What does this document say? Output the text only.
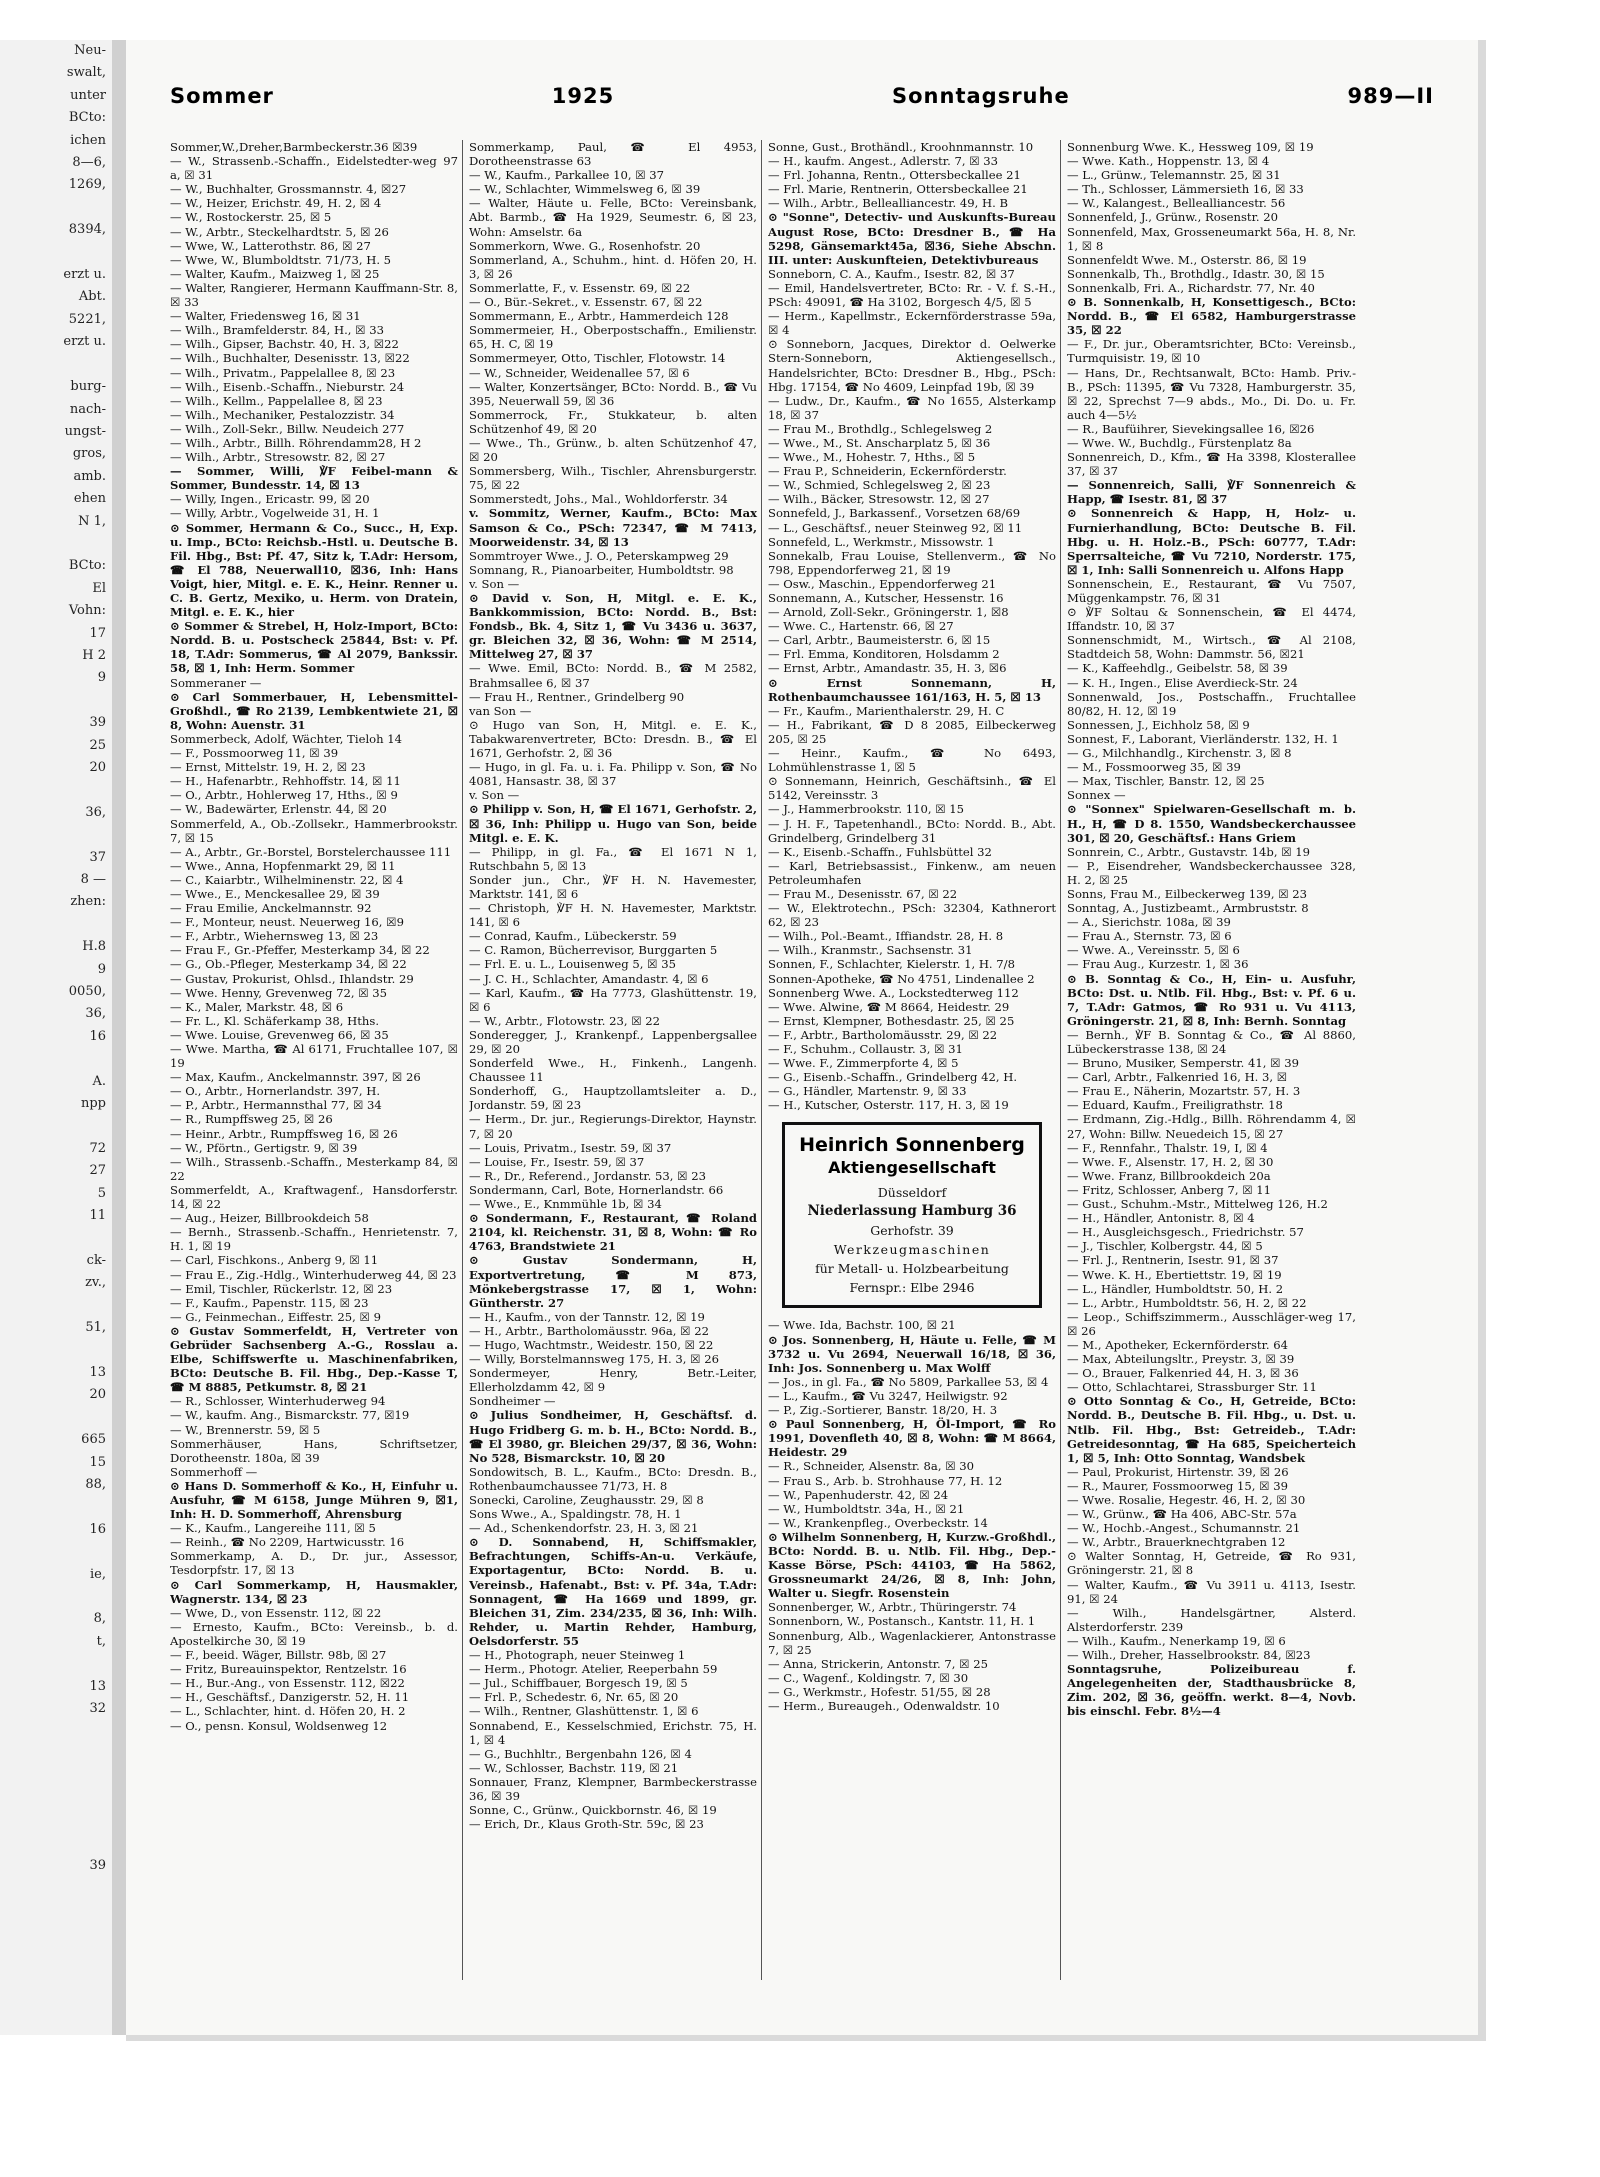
Neu-
swalt,
unter
BCto:
ichen
8—6,
1269,

8394,

erzt u.
Abt.
5221,
erzt u.

burg-
nach-
ungst-
gros,
amb.
ehen
N 1,

BCto:
El
Vohn:
17
H 2
9

39
25
20

36,

37
8 —
zhen:

H.8
9
0050,
36,
16

A.
npp

72
27
5
11

ck-
zv.,

51,

13
20

665
15
88,

16

ie,

8,
t,

13
32

39
Sommer	1925	Sonntagsruhe	989—II

Sommer,W.,Dreher,Barmbeckerstr.36 ☒39

— W., Strassenb.-Schaffn., Eidelstedter-weg 97 a, ☒ 31

— W., Buchhalter, Grossmannstr. 4, ☒27

— W., Heizer, Erichstr. 49, H. 2, ☒ 4

— W., Rostockerstr. 25, ☒ 5

— W., Arbtr., Steckelhardtstr. 5, ☒ 26

— Wwe, W., Latterothstr. 86, ☒ 27

— Wwe, W., Blumboldtstr. 71/73, H. 5

— Walter, Kaufm., Maizweg 1, ☒ 25

— Walter, Rangierer, Hermann Kauffmann-Str. 8, ☒ 33

— Walter, Friedensweg 16, ☒ 31

— Wilh., Bramfelderstr. 84, H., ☒ 33

— Wilh., Gipser, Bachstr. 40, H. 3, ☒22

— Wilh., Buchhalter, Desenisstr. 13, ☒22

— Wilh., Privatm., Pappelallee 8, ☒ 23

— Wilh., Eisenb.-Schaffn., Nieburstr. 24

— Wilh., Kellm., Pappelallee 8, ☒ 23

— Wilh., Mechaniker, Pestalozzistr. 34

— Wilh., Zoll-Sekr., Billw. Neudeich 277

— Wilh., Arbtr., Billh. Röhrendamm28, H 2

— Wilh., Arbtr., Stresowstr. 82, ☒ 27

— Sommer, Willi, ℣F Feibel-mann & Sommer, Bundesstr. 14, ☒ 13

— Willy, Ingen., Ericastr. 99, ☒ 20

— Willy, Arbtr., Vogelweide 31, H. 1

⊙ Sommer, Hermann & Co., Succ., H, Exp. u. Imp., BCto: Reichsb.-Hstl. u. Deutsche B. Fil. Hbg., Bst: Pf. 47, Sitz k, T.Adr: Hersom, ☎ El 788, Neuerwall10, ☒36, Inh: Hans Voigt, hier, Mitgl. e. E. K., Heinr. Renner u. C. B. Gertz, Mexiko, u. Herm. von Dratein, Mitgl. e. E. K., hier

⊙ Sommer & Strebel, H, Holz-Import, BCto: Nordd. B. u. Postscheck 25844, Bst: v. Pf. 18, T.Adr: Sommerus, ☎ Al 2079, Bankssir. 58, ☒ 1, Inh: Herm. Sommer

Sommeraner —

⊙ Carl Sommerbauer, H, Lebensmittel-Großhdl., ☎ Ro 2139, Lembkentwiete 21, ☒ 8, Wohn: Auenstr. 31

Sommerbeck, Adolf, Wächter, Tieloh 14

— F., Possmoorweg 11, ☒ 39

— Ernst, Mittelstr. 19, H. 2, ☒ 23

— H., Hafenarbtr., Rehhoffstr. 14, ☒ 11

— O., Arbtr., Hohlerweg 17, Hths., ☒ 9

— W., Badewärter, Erlenstr. 44, ☒ 20

Sommerfeld, A., Ob.-Zollsekr., Hammerbrookstr. 7, ☒ 15

— A., Arbtr., Gr.-Borstel, Borstelerchaussee 111

— Wwe., Anna, Hopfenmarkt 29, ☒ 11

— C., Kaiarbtr., Wilhelminenstr. 22, ☒ 4

— Wwe., E., Menckesallee 29, ☒ 39

— Frau Emilie, Anckelmannstr. 92

— F., Monteur, neust. Neuerweg 16, ☒9

— F., Arbtr., Wiehernsweg 13, ☒ 23

— Frau F., Gr.-Pfeffer, Mesterkamp 34, ☒ 22

— G., Ob.-Pfleger, Mesterkamp 34, ☒ 22

— Gustav, Prokurist, Ohlsd., Ihlandstr. 29

— Wwe. Henny, Grevenweg 72, ☒ 35

— K., Maler, Markstr. 48, ☒ 6

— Fr. L., Kl. Schäferkamp 38, Hths.

— Wwe. Louise, Grevenweg 66, ☒ 35

— Wwe. Martha, ☎ Al 6171, Fruchtallee 107, ☒ 19

— Max, Kaufm., Anckelmannstr. 397, ☒ 26

— O., Arbtr., Hornerlandstr. 397, H.

— P., Arbtr., Hermannsthal 77, ☒ 34

— R., Rumpffsweg 25, ☒ 26

— Heinr., Arbtr., Rumpffsweg 16, ☒ 26

— W., Pförtn., Gertigstr. 9, ☒ 39

— Wilh., Strassenb.-Schaffn., Mesterkamp 84, ☒ 22

Sommerfeldt, A., Kraftwagenf., Hansdorferstr. 14, ☒ 22

— Aug., Heizer, Billbrookdeich 58

— Bernh., Strassenb.-Schaffn., Henrietenstr. 7, H. 1, ☒ 19

— Carl, Fischkons., Anberg 9, ☒ 11

— Frau E., Zig.-Hdlg., Winterhuderweg 44, ☒ 23

— Emil, Tischler, Rückerlstr. 12, ☒ 23

— F., Kaufm., Papenstr. 115, ☒ 23

— G., Feinmechan., Eiffestr. 25, ☒ 9

⊙ Gustav Sommerfeldt, H, Vertreter von Gebrüder Sachsenberg A.-G., Rosslau a. Elbe, Schiffswerfte u. Maschinenfabriken, BCto: Deutsche B. Fil. Hbg., Dep.-Kasse T, ☎ M 8885, Petkumstr. 8, ☒ 21

— R., Schlosser, Winterhuderweg 94

— W., kaufm. Ang., Bismarckstr. 77, ☒19

— W., Brennerstr. 59, ☒ 5

Sommerhäuser, Hans, Schriftsetzer, Dorotheenstr. 180a, ☒ 39

Sommerhoff —

⊙ Hans D. Sommerhoff & Ko., H, Einfuhr u. Ausfuhr, ☎ M 6158, Junge Mühren 9, ☒1, Inh: H. D. Sommerhoff, Ahrensburg

— K., Kaufm., Langereihe 111, ☒ 5

— Reinh., ☎ No 2209, Hartwicusstr. 16

Sommerkamp, A. D., Dr. jur., Assessor, Tesdorpfstr. 17, ☒ 13

⊙ Carl Sommerkamp, H, Hausmakler, Wagnerstr. 134, ☒ 23

— Wwe, D., von Essenstr. 112, ☒ 22

— Ernesto, Kaufm., BCto: Vereinsb., b. d. Apostelkirche 30, ☒ 19

— F., beeid. Wäger, Billstr. 98b, ☒ 27

— Fritz, Bureauinspektor, Rentzelstr. 16

— H., Bur.-Ang., von Essenstr. 112, ☒22

— H., Geschäftsf., Danzigerstr. 52, H. 11

— L., Schlachter, hint. d. Höfen 20, H. 2

— O., pensn. Konsul, Woldsenweg 12

Sommerkamp, Paul, ☎ El 4953, Dorotheenstrasse 63

— W., Kaufm., Parkallee 10, ☒ 37

— W., Schlachter, Wimmelsweg 6, ☒ 39

— Walter, Häute u. Felle, BCto: Vereinsbank, Abt. Barmb., ☎ Ha 1929, Seumestr. 6, ☒ 23, Wohn: Amselstr. 6a

Sommerkorn, Wwe. G., Rosenhofstr. 20

Sommerland, A., Schuhm., hint. d. Höfen 20, H. 3, ☒ 26

Sommerlatte, F., v. Essenstr. 69, ☒ 22

— O., Bür.-Sekret., v. Essenstr. 67, ☒ 22

Sommermann, E., Arbtr., Hammerdeich 128

Sommermeier, H., Oberpostschaffn., Emilienstr. 65, H. C, ☒ 19

Sommermeyer, Otto, Tischler, Flotowstr. 14

— W., Schneider, Weidenallee 57, ☒ 6

— Walter, Konzertsänger, BCto: Nordd. B., ☎ Vu 395, Neuerwall 59, ☒ 36

Sommerrock, Fr., Stukkateur, b. alten Schützenhof 49, ☒ 20

— Wwe., Th., Grünw., b. alten Schützenhof 47, ☒ 20

Sommersberg, Wilh., Tischler, Ahrensburgerstr. 75, ☒ 22

Sommerstedt, Johs., Mal., Wohldorferstr. 34

v. Sommitz, Werner, Kaufm., BCto: Max Samson & Co., PSch: 72347, ☎ M 7413, Moorweidenstr. 34, ☒ 13

Sommtroyer Wwe., J. O., Peterskampweg 29

Somnang, R., Pianoarbeiter, Humboldtstr. 98

v. Son —

⊙ David v. Son, H, Mitgl. e. E. K., Bankkommission, BCto: Nordd. B., Bst: Fondsb., Bk. 4, Sitz 1, ☎ Vu 3436 u. 3637, gr. Bleichen 32, ☒ 36, Wohn: ☎ M 2514, Mittelweg 27, ☒ 37

— Wwe. Emil, BCto: Nordd. B., ☎ M 2582, Brahmsallee 6, ☒ 37

— Frau H., Rentner., Grindelberg 90

van Son —

⊙ Hugo van Son, H, Mitgl. e. E. K., Tabakwarenvertreter, BCto: Dresdn. B., ☎ El 1671, Gerhofstr. 2, ☒ 36

— Hugo, in gl. Fa. u. i. Fa. Philipp v. Son, ☎ No 4081, Hansastr. 38, ☒ 37

v. Son —

⊙ Philipp v. Son, H, ☎ El 1671, Gerhofstr. 2, ☒ 36, Inh: Philipp u. Hugo van Son, beide Mitgl. e. E. K.

— Philipp, in gl. Fa., ☎ El 1671 N 1, Rutschbahn 5, ☒ 13

Sonder jun., Chr., ℣F H. N. Havemester, Marktstr. 141, ☒ 6

— Christoph, ℣F H. N. Havemester, Marktstr. 141, ☒ 6

— Conrad, Kaufm., Lübeckerstr. 59

— C. Ramon, Bücherrevisor, Burggarten 5

— Frl. E. u. L., Louisenweg 5, ☒ 35

— J. C. H., Schlachter, Amandastr. 4, ☒ 6

— Karl, Kaufm., ☎ Ha 7773, Glashüttenstr. 19, ☒ 6

— W., Arbtr., Flotowstr. 23, ☒ 22

Sonderegger, J., Krankenpf., Lappenbergsallee 29, ☒ 20

Sonderfeld Wwe., H., Finkenh., Langenh. Chaussee 11

Sonderhoff, G., Hauptzollamtsleiter a. D., Jordanstr. 59, ☒ 23

— Herm., Dr. jur., Regierungs-Direktor, Haynstr. 7, ☒ 20

— Louis, Privatm., Isestr. 59, ☒ 37

— Louise, Fr., Isestr. 59, ☒ 37

— R., Dr., Referend., Jordanstr. 53, ☒ 23

Sondermann, Carl, Bote, Hornerlandstr. 66

— Wwe., E., Knmmühle 1b, ☒ 34

⊙ Sondermann, F., Restaurant, ☎ Roland 2104, kl. Reichenstr. 31, ☒ 8, Wohn: ☎ Ro 4763, Brandstwiete 21

⊙ Gustav Sondermann, H, Exportvertretung, ☎ M 873, Mönkebergstrasse 17, ☒ 1, Wohn: Güntherstr. 27

— H., Kaufm., von der Tannstr. 12, ☒ 19

— H., Arbtr., Bartholomäusstr. 96a, ☒ 22

— Hugo, Wachtmstr., Weidestr. 150, ☒ 22

— Willy, Borstelmannsweg 175, H. 3, ☒ 26

Sondermeyer, Henry, Betr.-Leiter, Ellerholzdamm 42, ☒ 9

Sondheimer —

⊙ Julius Sondheimer, H, Geschäftsf. d. Hugo Fridberg G. m. b. H., BCto: Nordd. B., ☎ El 3980, gr. Bleichen 29/37, ☒ 36, Wohn: No 528, Bismarckstr. 10, ☒ 20

Sondowitsch, B. L., Kaufm., BCto: Dresdn. B., Rothenbaumchaussee 71/73, H. 8

Sonecki, Caroline, Zeughausstr. 29, ☒ 8

Sons Wwe., A., Spaldingstr. 78, H. 1

— Ad., Schenkendorfstr. 23, H. 3, ☒ 21

⊙ D. Sonnabend, H, Schiffsmakler, Befrachtungen, Schiffs-An-u. Verkäufe, Exportagentur, BCto: Nordd. B. u. Vereinsb., Hafenabt., Bst: v. Pf. 34a, T.Adr: Sonnagent, ☎ Ha 1669 und 1899, gr. Bleichen 31, Zim. 234/235, ☒ 36, Inh: Wilh. Rehder, u. Martin Rehder, Hamburg, Oelsdorferstr. 55

— H., Photograph, neuer Steinweg 1

— Herm., Photogr. Atelier, Reeperbahn 59

— Jul., Schiffbauer, Borgesch 19, ☒ 5

— Frl. P., Schedestr. 6, Nr. 65, ☒ 20

— Wilh., Rentner, Glashüttenstr. 1, ☒ 6

Sonnabend, E., Kesselschmied, Erichstr. 75, H. 1, ☒ 4

— G., Buchhltr., Bergenbahn 126, ☒ 4

— W., Schlosser, Bachstr. 119, ☒ 21

Sonnauer, Franz, Klempner, Barmbeckerstrasse 36, ☒ 39

Sonne, C., Grünw., Quickbornstr. 46, ☒ 19

— Erich, Dr., Klaus Groth-Str. 59c, ☒ 23

Sonne, Gust., Brothändl., Kroohnmannstr. 10

— H., kaufm. Angest., Adlerstr. 7, ☒ 33

— Frl. Johanna, Rentn., Ottersbeckallee 21

— Frl. Marie, Rentnerin, Ottersbeckallee 21

— Wilh., Arbtr., Bellealliancestr. 49, H. B

⊙ "Sonne", Detectiv- und Auskunfts-Bureau August Rose, BCto: Dresdner B., ☎ Ha 5298, Gänsemarkt45a, ☒36, Siehe Abschn. III. unter: Auskunfteien, Detektivbureaus

Sonneborn, C. A., Kaufm., Isestr. 82, ☒ 37

— Emil, Handelsvertreter, BCto: Rr. - V. f. S.-H., PSch: 49091, ☎ Ha 3102, Borgesch 4/5, ☒ 5

— Herm., Kapellmstr., Eckernförderstrasse 59a, ☒ 4

⊙ Sonneborn, Jacques, Direktor d. Oelwerke Stern-Sonneborn, Aktiengesellsch., Handelsrichter, BCto: Dresdner B., Hbg., PSch: Hbg. 17154, ☎ No 4609, Leinpfad 19b, ☒ 39

— Ludw., Dr., Kaufm., ☎ No 1655, Alsterkamp 18, ☒ 37

— Frau M., Brothdlg., Schlegelsweg 2

— Wwe., M., St. Anscharplatz 5, ☒ 36

— Wwe., M., Hohestr. 7, Hths., ☒ 5

— Frau P., Schneiderin, Eckernförderstr.

— W., Schmied, Schlegelsweg 2, ☒ 23

— Wilh., Bäcker, Stresowstr. 12, ☒ 27

Sonnefeld, J., Barkassenf., Vorsetzen 68/69

— L., Geschäftsf., neuer Steinweg 92, ☒ 11

Sonnefeld, L., Werkmstr., Missowstr. 1

Sonnekalb, Frau Louise, Stellenverm., ☎ No 798, Eppendorferweg 21, ☒ 19

— Osw., Maschin., Eppendorferweg 21

Sonnemann, A., Kutscher, Hessenstr. 16

— Arnold, Zoll-Sekr., Gröningerstr. 1, ☒8

— Wwe. C., Hartenstr. 66, ☒ 27

— Carl, Arbtr., Baumeisterstr. 6, ☒ 15

— Frl. Emma, Konditoren, Holsdamm 2

— Ernst, Arbtr., Amandastr. 35, H. 3, ☒6

⊙ Ernst Sonnemann, H, Rothenbaumchaussee 161/163, H. 5, ☒ 13

— Fr., Kaufm., Marienthalerstr. 29, H. C

— H., Fabrikant, ☎ D 8 2085, Eilbeckerweg 205, ☒ 25

— Heinr., Kaufm., ☎ No 6493, Lohmühlenstrasse 1, ☒ 5

⊙ Sonnemann, Heinrich, Geschäftsinh., ☎ El 5142, Vereinsstr. 3

— J., Hammerbrookstr. 110, ☒ 15

— J. H. F., Tapetenhandl., BCto: Nordd. B., Abt. Grindelberg, Grindelberg 31

— K., Eisenb.-Schaffn., Fuhlsbüttel 32

— Karl, Betriebsassist., Finkenw., am neuen Petroleumhafen

— Frau M., Desenisstr. 67, ☒ 22

— W., Elektrotechn., PSch: 32304, Kathnerort 62, ☒ 23

— Wilh., Pol.-Beamt., Iffiandstr. 28, H. 8

— Wilh., Kranmstr., Sachsenstr. 31

Sonnen, F., Schlachter, Kielerstr. 1, H. 7/8

Sonnen-Apotheke, ☎ No 4751, Lindenallee 2

Sonnenberg Wwe. A., Lockstedterweg 112

— Wwe. Alwine, ☎ M 8664, Heidestr. 29

— Ernst, Klempner, Bothesdastr. 25, ☒ 25

— F., Arbtr., Bartholomäusstr. 29, ☒ 22

— F., Schuhm., Collaustr. 3, ☒ 31

— Wwe. F., Zimmerpforte 4, ☒ 5

— G., Eisenb.-Schaffn., Grindelberg 42, H.

— G., Händler, Martenstr. 9, ☒ 33

— H., Kutscher, Osterstr. 117, H. 3, ☒ 19

Heinrich Sonnenberg
Aktiengesellschaft
Düsseldorf
Niederlassung Hamburg 36
Gerhofstr. 39
Werkzeugmaschinen
für Metall- u. Holzbearbeitung
Fernspr.: Elbe 2946

— Wwe. Ida, Bachstr. 100, ☒ 21

⊙ Jos. Sonnenberg, H, Häute u. Felle, ☎ M 3732 u. Vu 2694, Neuerwall 16/18, ☒ 36, Inh: Jos. Sonnenberg u. Max Wolff

— Jos., in gl. Fa., ☎ No 5809, Parkallee 53, ☒ 4

— L., Kaufm., ☎ Vu 3247, Heilwigstr. 92

— P., Zig.-Sortierer, Banstr. 18/20, H. 3

⊙ Paul Sonnenberg, H, Öl-Import, ☎ Ro 1991, Dovenfleth 40, ☒ 8, Wohn: ☎ M 8664, Heidestr. 29

— R., Schneider, Alsenstr. 8a, ☒ 30

— Frau S., Arb. b. Strohhause 77, H. 12

— W., Papenhuderstr. 42, ☒ 24

— W., Humboldtstr. 34a, H., ☒ 21

— W., Krankenpfleg., Overbeckstr. 14

⊙ Wilhelm Sonnenberg, H, Kurzw.-Großhdl., BCto: Nordd. B. u. Ntlb. Fil. Hbg., Dep.-Kasse Börse, PSch: 44103, ☎ Ha 5862, Grossneumarkt 24/26, ☒ 8, Inh: John, Walter u. Siegfr. Rosenstein

Sonnenberger, W., Arbtr., Thüringerstr. 74

Sonnenborn, W., Postansch., Kantstr. 11, H. 1

Sonnenburg, Alb., Wagenlackierer, Antonstrasse 7, ☒ 25

— Anna, Strickerin, Antonstr. 7, ☒ 25

— C., Wagenf., Koldingstr. 7, ☒ 30

— G., Werkmstr., Hofestr. 51/55, ☒ 28

— Herm., Bureaugeh., Odenwaldstr. 10

Sonnenburg Wwe. K., Hessweg 109, ☒ 19

— Wwe. Kath., Hoppenstr. 13, ☒ 4

— L., Grünw., Telemannstr. 25, ☒ 31

— Th., Schlosser, Lämmersieth 16, ☒ 33

— W., Kalangest., Bellealliancestr. 56

Sonnenfeld, J., Grünw., Rosenstr. 20

Sonnenfeld, Max, Grosseneumarkt 56a, H. 8, Nr. 1, ☒ 8

Sonnenfeldt Wwe. M., Osterstr. 86, ☒ 19

Sonnenkalb, Th., Brothdlg., Idastr. 30, ☒ 15

Sonnenkalb, Fri. A., Richardstr. 77, Nr. 40

⊙ B. Sonnenkalb, H, Konsettigesch., BCto: Nordd. B., ☎ El 6582, Hamburgerstrasse 35, ☒ 22

— F., Dr. jur., Oberamtsrichter, BCto: Vereinsb., Turmquisistr. 19, ☒ 10

— Hans, Dr., Rechtsanwalt, BCto: Hamb. Priv.-B., PSch: 11395, ☎ Vu 7328, Hamburgerstr. 35, ☒ 22, Sprechst 7—9 abds., Mo., Di. Do. u. Fr. auch 4—5½

— R., Baufüihrer, Sievekingsallee 16, ☒26

— Wwe. W., Buchdlg., Fürstenplatz 8a

Sonnenreich, D., Kfm., ☎ Ha 3398, Klosterallee 37, ☒ 37

— Sonnenreich, Salli, ℣F Sonnenreich & Happ, ☎ Isestr. 81, ☒ 37

⊙ Sonnenreich & Happ, H, Holz- u. Furnierhandlung, BCto: Deutsche B. Fil. Hbg. u. H. Holz.-B., PSch: 60777, T.Adr: Sperrsalteiche, ☎ Vu 7210, Norderstr. 175, ☒ 1, Inh: Salli Sonnenreich u. Alfons Happ

Sonnenschein, E., Restaurant, ☎ Vu 7507, Müggenkampstr. 76, ☒ 31

⊙ ℣F Soltau & Sonnenschein, ☎ El 4474, Iffandstr. 10, ☒ 37

Sonnenschmidt, M., Wirtsch., ☎ Al 2108, Stadtdeich 58, Wohn: Dammstr. 56, ☒21

— K., Kaffeehdlg., Geibelstr. 58, ☒ 39

— K. H., Ingen., Elise Averdieck-Str. 24

Sonnenwald, Jos., Postschaffn., Fruchtallee 80/82, H. 12, ☒ 19

Sonnessen, J., Eichholz 58, ☒ 9

Sonnest, F., Laborant, Vierländerstr. 132, H. 1

— G., Milchhandlg., Kirchenstr. 3, ☒ 8

— M., Fossmoorweg 35, ☒ 39

— Max, Tischler, Banstr. 12, ☒ 25

Sonnex —

⊙ "Sonnex" Spielwaren-Gesellschaft m. b. H., H, ☎ D 8. 1550, Wandsbeckerchaussee 301, ☒ 20, Geschäftsf.: Hans Griem

Sonnrein, C., Arbtr., Gustavstr. 14b, ☒ 19

— P., Eisendreher, Wandsbeckerchaussee 328, H. 2, ☒ 25

Sonns, Frau M., Eilbeckerweg 139, ☒ 23

Sonntag, A., Justizbeamt., Armbruststr. 8

— A., Sierichstr. 108a, ☒ 39

— Frau A., Sternstr. 73, ☒ 6

— Wwe. A., Vereinsstr. 5, ☒ 6

— Frau Aug., Kurzestr. 1, ☒ 36

⊙ B. Sonntag & Co., H, Ein- u. Ausfuhr, BCto: Dst. u. Ntlb. Fil. Hbg., Bst: v. Pf. 6 u. 7, T.Adr: Gatmos, ☎ Ro 931 u. Vu 4113, Gröningerstr. 21, ☒ 8, Inh: Bernh. Sonntag

— Bernh., ℣F B. Sonntag & Co., ☎ Al 8860, Lübeckerstrasse 138, ☒ 24

— Bruno, Musiker, Semperstr. 41, ☒ 39

— Carl, Arbtr., Falkenried 16, H. 3, ☒

— Frau E., Näherin, Mozartstr. 57, H. 3

— Eduard, Kaufm., Freiligrathstr. 18

— Erdmann, Zig.-Hdlg., Billh. Röhrendamm 4, ☒ 27, Wohn: Billw. Neuedeich 15, ☒ 27

— F., Rennfahr., Thalstr. 19, I, ☒ 4

— Wwe. F., Alsenstr. 17, H. 2, ☒ 30

— Wwe. Franz, Billbrookdeich 20a

— Fritz, Schlosser, Anberg 7, ☒ 11

— Gust., Schuhm.-Mstr., Mittelweg 126, H.2

— H., Händler, Antonistr. 8, ☒ 4

— H., Ausgleichsgesch., Friedrichstr. 57

— J., Tischler, Kolbergstr. 44, ☒ 5

— Frl. J., Rentnerin, Isestr. 91, ☒ 37

— Wwe. K. H., Ebertiettstr. 19, ☒ 19

— L., Händler, Humboldtstr. 50, H. 2

— L., Arbtr., Humboldtstr. 56, H. 2, ☒ 22

— Leop., Schiffszimmerm., Ausschläger-weg 17, ☒ 26

— M., Apotheker, Eckernförderstr. 64

— Max, Abteilungsltr., Preystr. 3, ☒ 39

— O., Brauer, Falkenried 44, H. 3, ☒ 36

— Otto, Schlachtarei, Strassburger Str. 11

⊙ Otto Sonntag & Co., H, Getreide, BCto: Nordd. B., Deutsche B. Fil. Hbg., u. Dst. u. Ntlb. Fil. Hbg., Bst: Getreideb., T.Adr: Getreidesonntag, ☎ Ha 685, Speicherteich 1, ☒ 5, Inh: Otto Sonntag, Wandsbek

— Paul, Prokurist, Hirtenstr. 39, ☒ 26

— R., Maurer, Fossmoorweg 15, ☒ 39

— Wwe. Rosalie, Hegestr. 46, H. 2, ☒ 30

— W., Grünw., ☎ Ha 406, ABC-Str. 57a

— W., Hochb.-Angest., Schumannstr. 21

— W., Arbtr., Brauerknechtgraben 12

⊙ Walter Sonntag, H, Getreide, ☎ Ro 931, Gröningerstr. 21, ☒ 8

— Walter, Kaufm., ☎ Vu 3911 u. 4113, Isestr. 91, ☒ 24

— Wilh., Handelsgärtner, Alsterd. Alsterdorferstr. 239

— Wilh., Kaufm., Nenerkamp 19, ☒ 6

— Wilh., Dreher, Hasselbrookstr. 84, ☒23

Sonntagsruhe, Polizeibureau f. Angelegenheiten der, Stadthausbrücke 8, Zim. 202, ☒ 36, geöffn. werkt. 8—4, Novb. bis einschl. Febr. 8½—4
